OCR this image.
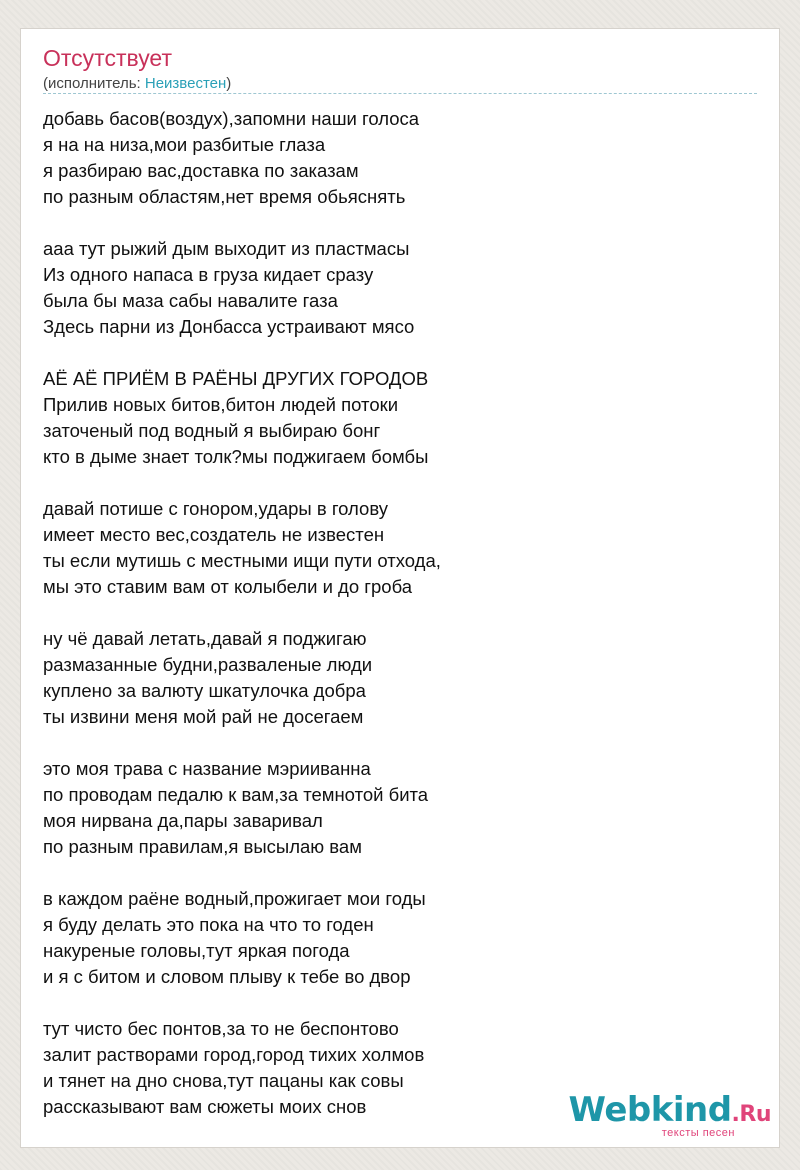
Отсутствует
(исполнитель: Неизвестен)
добавь басов(воздух),запомни наши голоса
я на на низа,мои разбитые глаза
я разбираю вас,доставка по заказам
по разным областям,нет время обьяснять
ааа тут рыжий дым выходит из пластмасы
Из одного напаса в груза кидает сразу
была бы маза сабы навалите газа
Здесь парни из Донбасса устраивают мясо
АЁ АЁ ПРИЁМ В РАЁНЫ ДРУГИХ ГОРОДОВ
Прилив новых битов,битон людей потоки
заточеный под водный я выбираю бонг
кто в дыме знает толк?мы поджигаем бомбы
давай потише с гонором,удары в голову
имеет место вес,создатель не известен
ты если мутишь с местными ищи пути отхода,
мы это ставим вам от колыбели и до гроба
ну чё давай летать,давай я поджигаю
размазанные будни,разваленые люди
куплено за валюту шкатулочка добра
ты извини меня мой рай не досегаем
это моя трава с название мэрииванна
по проводам педалю к вам,за темнотой бита
моя нирвана да,пары заваривал
по разным правилам,я высылаю вам
в каждом раёне водный,прожигает мои годы
я буду делать это пока на что то годен
накуреные головы,тут яркая погода
и я с битом и словом плыву к тебе во двор
тут чисто бес понтов,за то не беспонтово
залит растворами город,город тихих холмов
и тянет на дно снова,тут пацаны как совы
рассказывают вам сюжеты моих снов	Webkind.Ru
тексты песен
